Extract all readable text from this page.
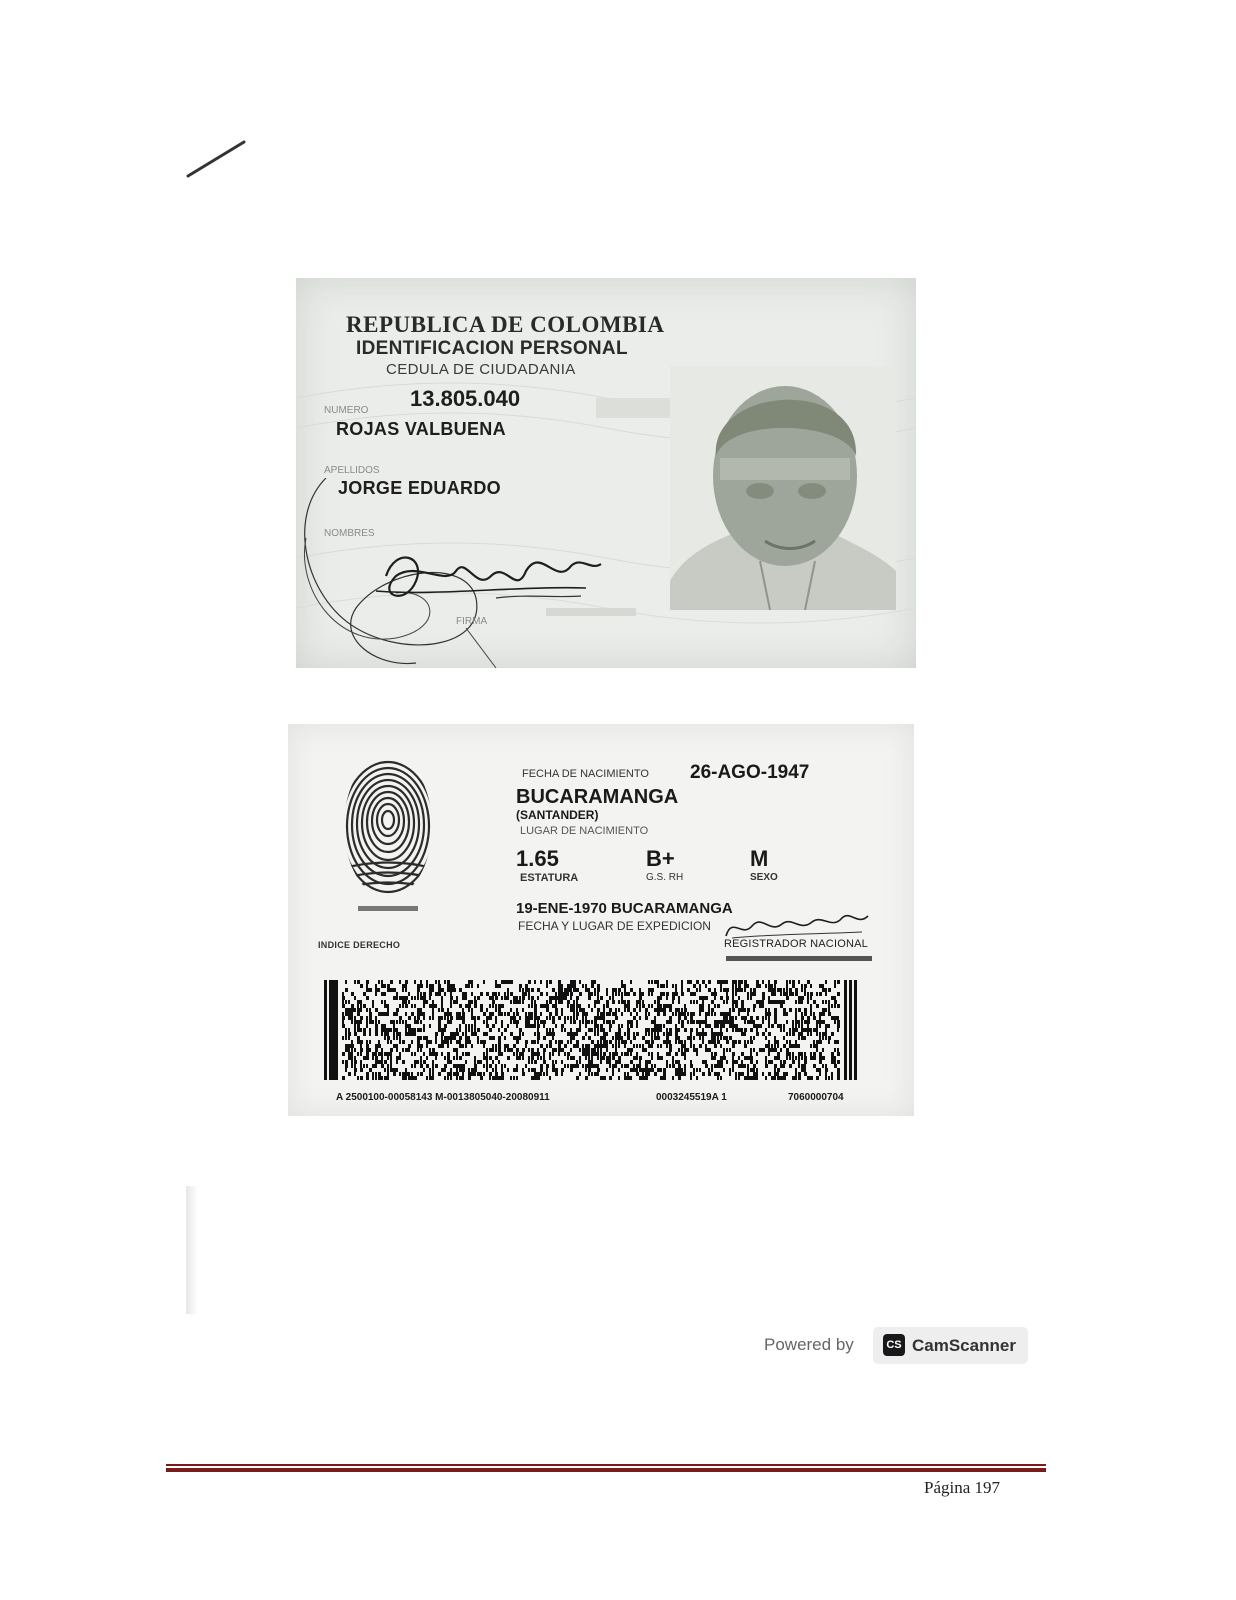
REPUBLICA DE COLOMBIA
IDENTIFICACION PERSONAL
CEDULA DE CIUDADANIA
NUMERO 13.805.040
ROJAS VALBUENA
APELLIDOS
JORGE EDUARDO
NOMBRES
FIRMA
INDICE DERECHO
FECHA DE NACIMIENTO 26-AGO-1947
BUCARAMANGA
(SANTANDER)
LUGAR DE NACIMIENTO
1.65
ESTATURA
B+
G.S. RH
M
SEXO
19-ENE-1970 BUCARAMANGA
FECHA Y LUGAR DE EXPEDICION
REGISTRADOR NACIONAL
A 2500100-00058143 M-0013805040-20080911	0003245519A 1	7060000704
Powered by	CS CamScanner
Página 197
